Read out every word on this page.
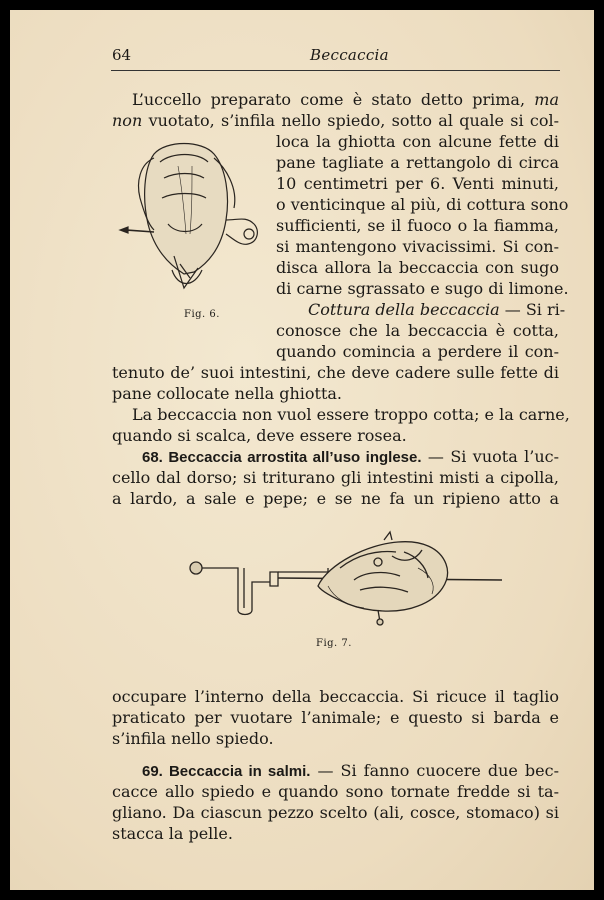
64	Beccaccia
L’uccello preparato come è stato detto prima, ma
non vuotato, s’infila nello spiedo, sotto al quale si col-
loca la ghiotta con alcune fette di
pane tagliate a rettangolo di circa
10 centimetri per 6. Venti minuti,
o venticinque al più, di cottura sono
sufficienti, se il fuoco o la fiamma,
si mantengono vivacissimi. Si con-
disca allora la beccaccia con sugo
di carne sgrassato e sugo di limone.
Cottura della beccaccia — Si ri-
conosce che la beccaccia è cotta,
quando comincia a perdere il con-
tenuto de’ suoi intestini, che deve cadere sulle fette di
pane collocate nella ghiotta.
La beccaccia non vuol essere troppo cotta; e la carne,
quando si scalca, deve essere rosea.
Fig. 6.
68. Beccaccia arrostita all’uso inglese. — Si vuota l’uc-
cello dal dorso; si triturano gli intestini misti a cipolla,
a lardo, a sale e pepe; e se ne fa un ripieno atto a
Fig. 7.
occupare l’interno della beccaccia. Si ricuce il taglio
praticato per vuotare l’animale; e questo si barda e
s’infila nello spiedo.
69. Beccaccia in salmi. — Si fanno cuocere due bec-
cacce allo spiedo e quando sono tornate fredde si ta-
gliano. Da ciascun pezzo scelto (ali, cosce, stomaco) si
stacca la pelle.
